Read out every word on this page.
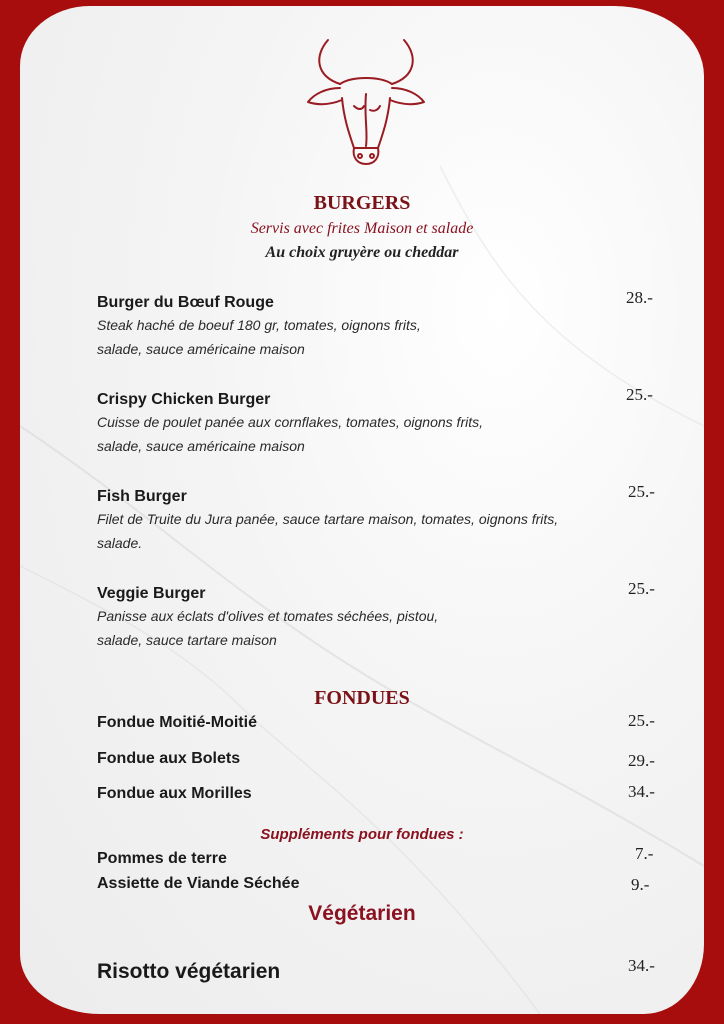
BURGERS
Servis avec frites Maison et salade
Au choix gruyère ou cheddar
Burger du Bœuf Rouge
Steak haché de boeuf 180 gr, tomates, oignons frits,
salade, sauce américaine maison
28.-
Crispy Chicken Burger
Cuisse de poulet panée aux cornflakes, tomates, oignons frits,
salade, sauce américaine maison
25.-
Fish Burger
Filet de Truite du Jura panée, sauce tartare maison, tomates, oignons frits,
salade.
25.-
Veggie Burger
Panisse aux éclats d'olives et tomates séchées, pistou,
salade, sauce tartare maison
25.-
FONDUES
Fondue Moitié-Moitié	25.-
Fondue aux Bolets	29.-
Fondue aux Morilles	34.-
Suppléments pour fondues :
Pommes de terre	7.-
Assiette de Viande Séchée	9.-
Végétarien
Risotto végétarien	34.-
